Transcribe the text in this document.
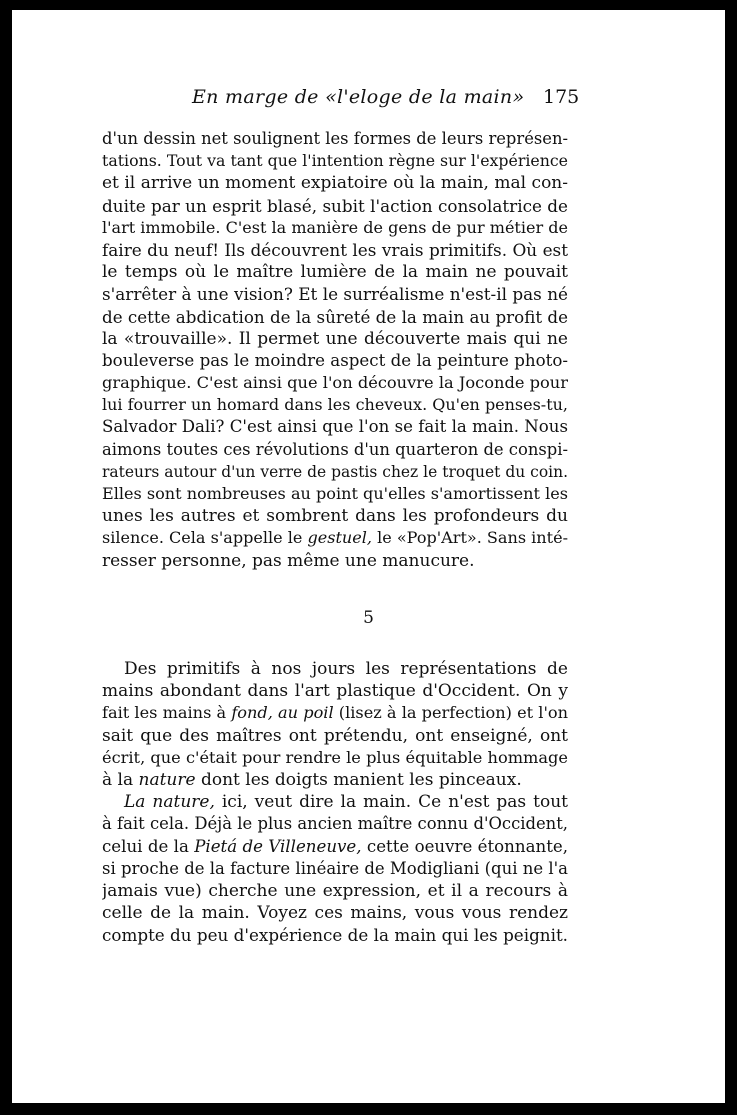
En marge de «l'eloge de la main» 175
d'un dessin net soulignent les formes de leurs représen-
tations. Tout va tant que l'intention règne sur l'expérience
et il arrive un moment expiatoire où la main, mal con-
duite par un esprit blasé, subit l'action consolatrice de
l'art immobile. C'est la manière de gens de pur métier de
faire du neuf! Ils découvrent les vrais primitifs. Où est
le temps où le maître lumière de la main ne pouvait
s'arrêter à une vision? Et le surréalisme n'est-il pas né
de cette abdication de la sûreté de la main au profit de
la «trouvaille». Il permet une découverte mais qui ne
bouleverse pas le moindre aspect de la peinture photo-
graphique. C'est ainsi que l'on découvre la Joconde pour
lui fourrer un homard dans les cheveux. Qu'en penses-tu,
Salvador Dali? C'est ainsi que l'on se fait la main. Nous
aimons toutes ces révolutions d'un quarteron de conspi-
rateurs autour d'un verre de pastis chez le troquet du coin.
Elles sont nombreuses au point qu'elles s'amortissent les
unes les autres et sombrent dans les profondeurs du
silence. Cela s'appelle le gestuel, le «Pop'Art». Sans inté-
resser personne, pas même une manucure.
5
Des primitifs à nos jours les représentations de
mains abondant dans l'art plastique d'Occident. On y
fait les mains à fond, au poil (lisez à la perfection) et l'on
sait que des maîtres ont prétendu, ont enseigné, ont
écrit, que c'était pour rendre le plus équitable hommage
à la nature dont les doigts manient les pinceaux.
La nature, ici, veut dire la main. Ce n'est pas tout
à fait cela. Déjà le plus ancien maître connu d'Occident,
celui de la Pietá de Villeneuve, cette oeuvre étonnante,
si proche de la facture linéaire de Modigliani (qui ne l'a
jamais vue) cherche une expression, et il a recours à
celle de la main. Voyez ces mains, vous vous rendez
compte du peu d'expérience de la main qui les peignit.
